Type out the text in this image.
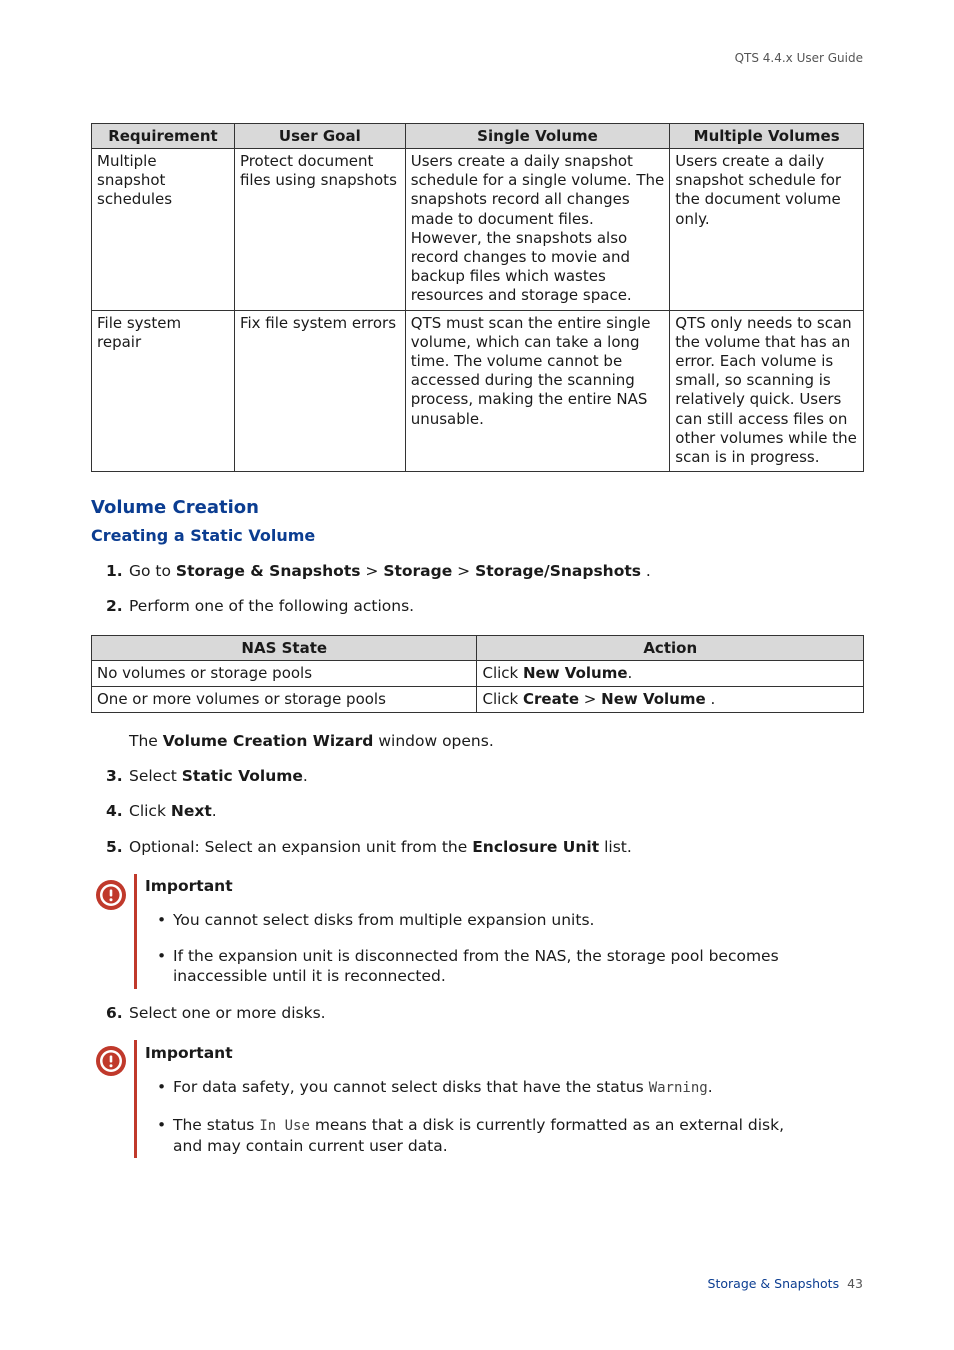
QTS 4.4.x User Guide
Requirement	User Goal	Single Volume	Multiple Volumes
Multiple snapshot schedules	Protect document files using snapshots	Users create a daily snapshot schedule for a single volume. The snapshots record all changes made to document files. However, the snapshots also record changes to movie and backup files which wastes resources and storage space.	Users create a daily snapshot schedule for the document volume only.
File system repair	Fix file system errors	QTS must scan the entire single volume, which can take a long time. The volume cannot be accessed during the scanning process, making the entire NAS unusable.	QTS only needs to scan the volume that has an error. Each volume is small, so scanning is relatively quick. Users can still access files on other volumes while the scan is in progress.
Volume Creation
Creating a Static Volume
1. Go to Storage & Snapshots > Storage > Storage/Snapshots .
2. Perform one of the following actions.
NAS State	Action
No volumes or storage pools	Click New Volume.
One or more volumes or storage pools	Click Create > New Volume .
The Volume Creation Wizard window opens.
3. Select Static Volume.
4. Click Next.
5. Optional: Select an expansion unit from the Enclosure Unit list.
Important
• You cannot select disks from multiple expansion units.
• If the expansion unit is disconnected from the NAS, the storage pool becomes inaccessible until it is reconnected.
6. Select one or more disks.
Important
• For data safety, you cannot select disks that have the status Warning.
• The status In Use means that a disk is currently formatted as an external disk, and may contain current user data.
Storage & Snapshots 43
